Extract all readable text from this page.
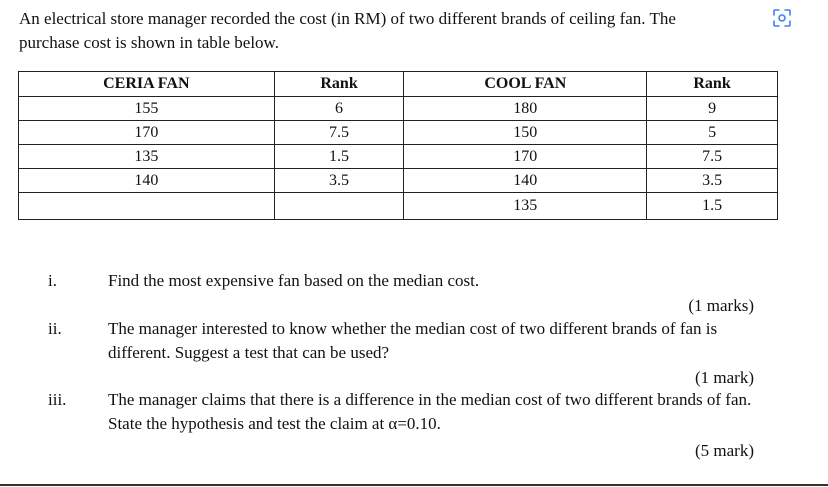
An electrical store manager recorded the cost (in RM) of two different brands of ceiling fan. The purchase cost is shown in table below.

CERIA FAN	Rank	COOL FAN	Rank
155	6	180	9
170	7.5	150	5
135	1.5	170	7.5
140	3.5	140	3.5
		135	1.5
i.	Find the most expensive fan based on the median cost.
(1 marks)
ii.	The manager interested to know whether the median cost of two different brands of fan is different. Suggest a test that can be used?
(1 mark)
iii. The manager claims that there is a difference in the median cost of two different brands of fan. State the hypothesis and test the claim at α=0.10.
(5 mark)
